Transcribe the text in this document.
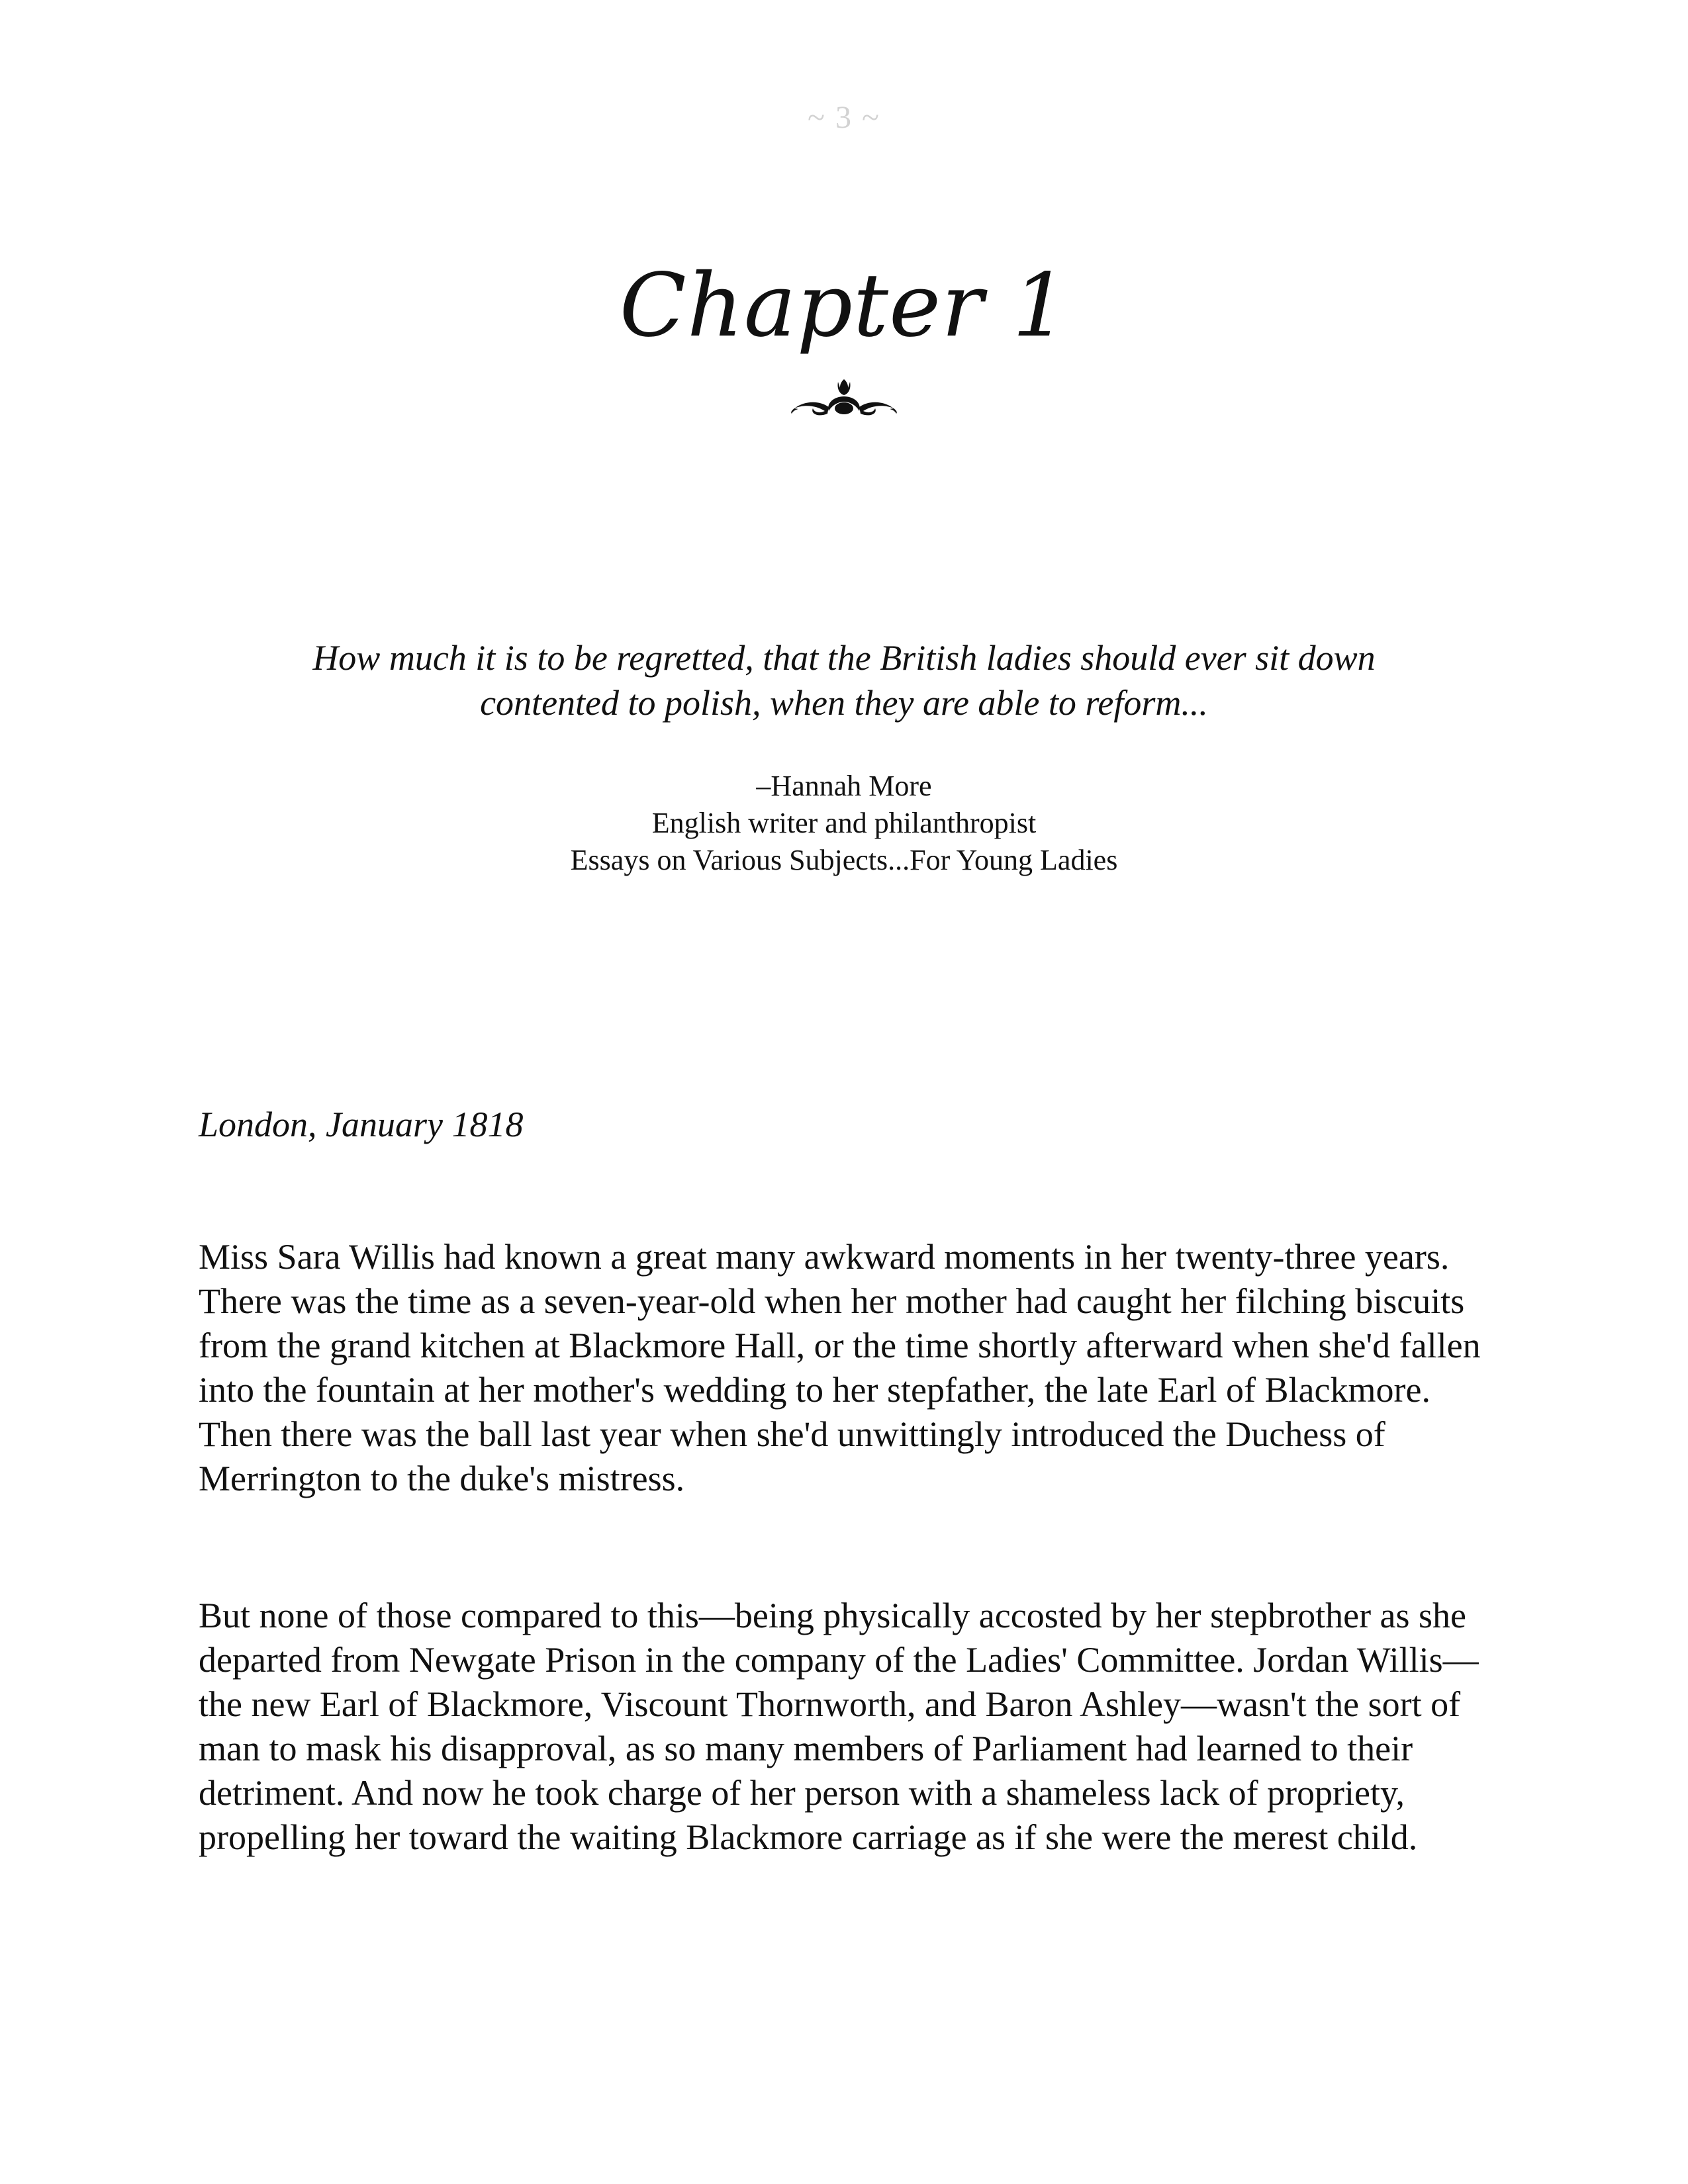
~ 3 ~
Chapter 1
How much it is to be regretted, that the British ladies should ever sit down
contented to polish, when they are able to reform...
–Hannah More
English writer and philanthropist
Essays on Various Subjects...For Young Ladies
London, January 1818

Miss Sara Willis had known a great many awkward moments in her twenty-three years. There was the time as a seven-year-old when her mother had caught her filching biscuits from the grand kitchen at Blackmore Hall, or the time shortly afterward when she'd fallen into the fountain at her mother's wedding to her stepfather, the late Earl of Blackmore. Then there was the ball last year when she'd unwittingly introduced the Duchess of Merrington to the duke's mistress.

But none of those compared to this—being physically accosted by her stepbrother as she departed from Newgate Prison in the company of the Ladies' Committee. Jordan Willis—the new Earl of Blackmore, Viscount Thornworth, and Baron Ashley—wasn't the sort of man to mask his disapproval, as so many members of Parliament had learned to their detriment. And now he took charge of her person with a shameless lack of propriety, propelling her toward the waiting Blackmore carriage as if she were the merest child.
